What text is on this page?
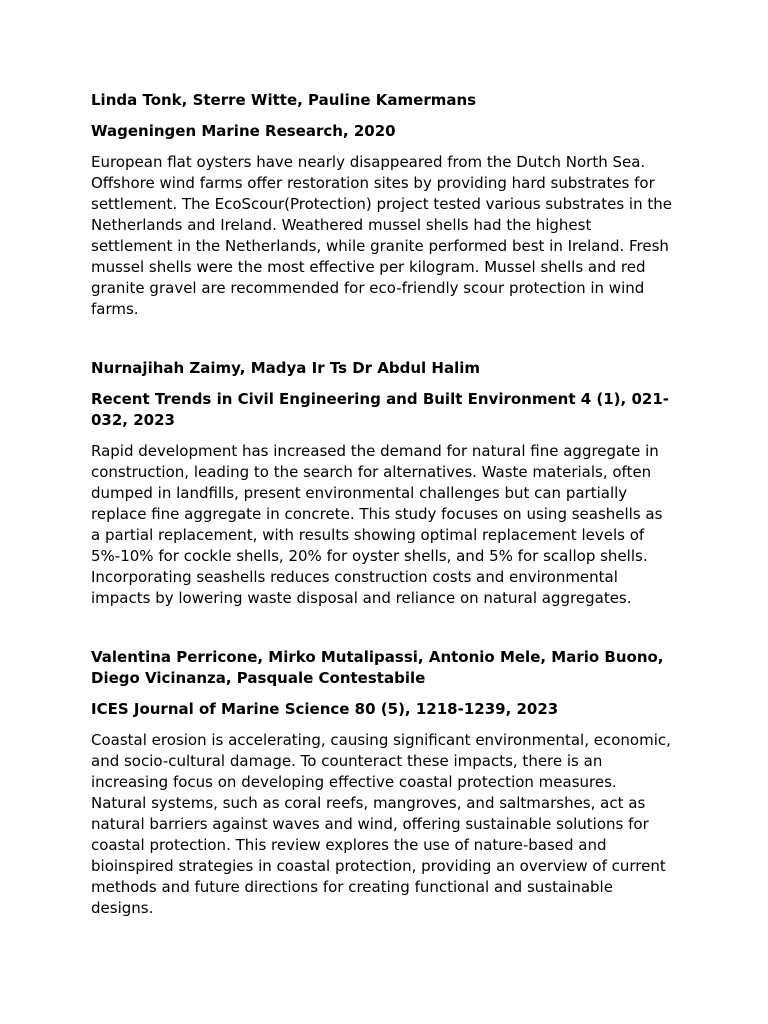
Linda Tonk, Sterre Witte, Pauline Kamermans

Wageningen Marine Research, 2020

European flat oysters have nearly disappeared from the Dutch North Sea. Offshore wind farms offer restoration sites by providing hard substrates for settlement. The EcoScour(Protection) project tested various substrates in the Netherlands and Ireland. Weathered mussel shells had the highest settlement in the Netherlands, while granite performed best in Ireland. Fresh mussel shells were the most effective per kilogram. Mussel shells and red granite gravel are recommended for eco-friendly scour protection in wind farms.

Nurnajihah Zaimy, Madya Ir Ts Dr Abdul Halim

Recent Trends in Civil Engineering and Built Environment 4 (1), 021-032, 2023

Rapid development has increased the demand for natural fine aggregate in construction, leading to the search for alternatives. Waste materials, often dumped in landfills, present environmental challenges but can partially replace fine aggregate in concrete. This study focuses on using seashells as a partial replacement, with results showing optimal replacement levels of 5%-10% for cockle shells, 20% for oyster shells, and 5% for scallop shells. Incorporating seashells reduces construction costs and environmental impacts by lowering waste disposal and reliance on natural aggregates.

Valentina Perricone, Mirko Mutalipassi, Antonio Mele, Mario Buono, Diego Vicinanza, Pasquale Contestabile

ICES Journal of Marine Science 80 (5), 1218-1239, 2023

Coastal erosion is accelerating, causing significant environmental, economic, and socio-cultural damage. To counteract these impacts, there is an increasing focus on developing effective coastal protection measures. Natural systems, such as coral reefs, mangroves, and saltmarshes, act as natural barriers against waves and wind, offering sustainable solutions for coastal protection. This review explores the use of nature-based and bioinspired strategies in coastal protection, providing an overview of current methods and future directions for creating functional and sustainable designs.
